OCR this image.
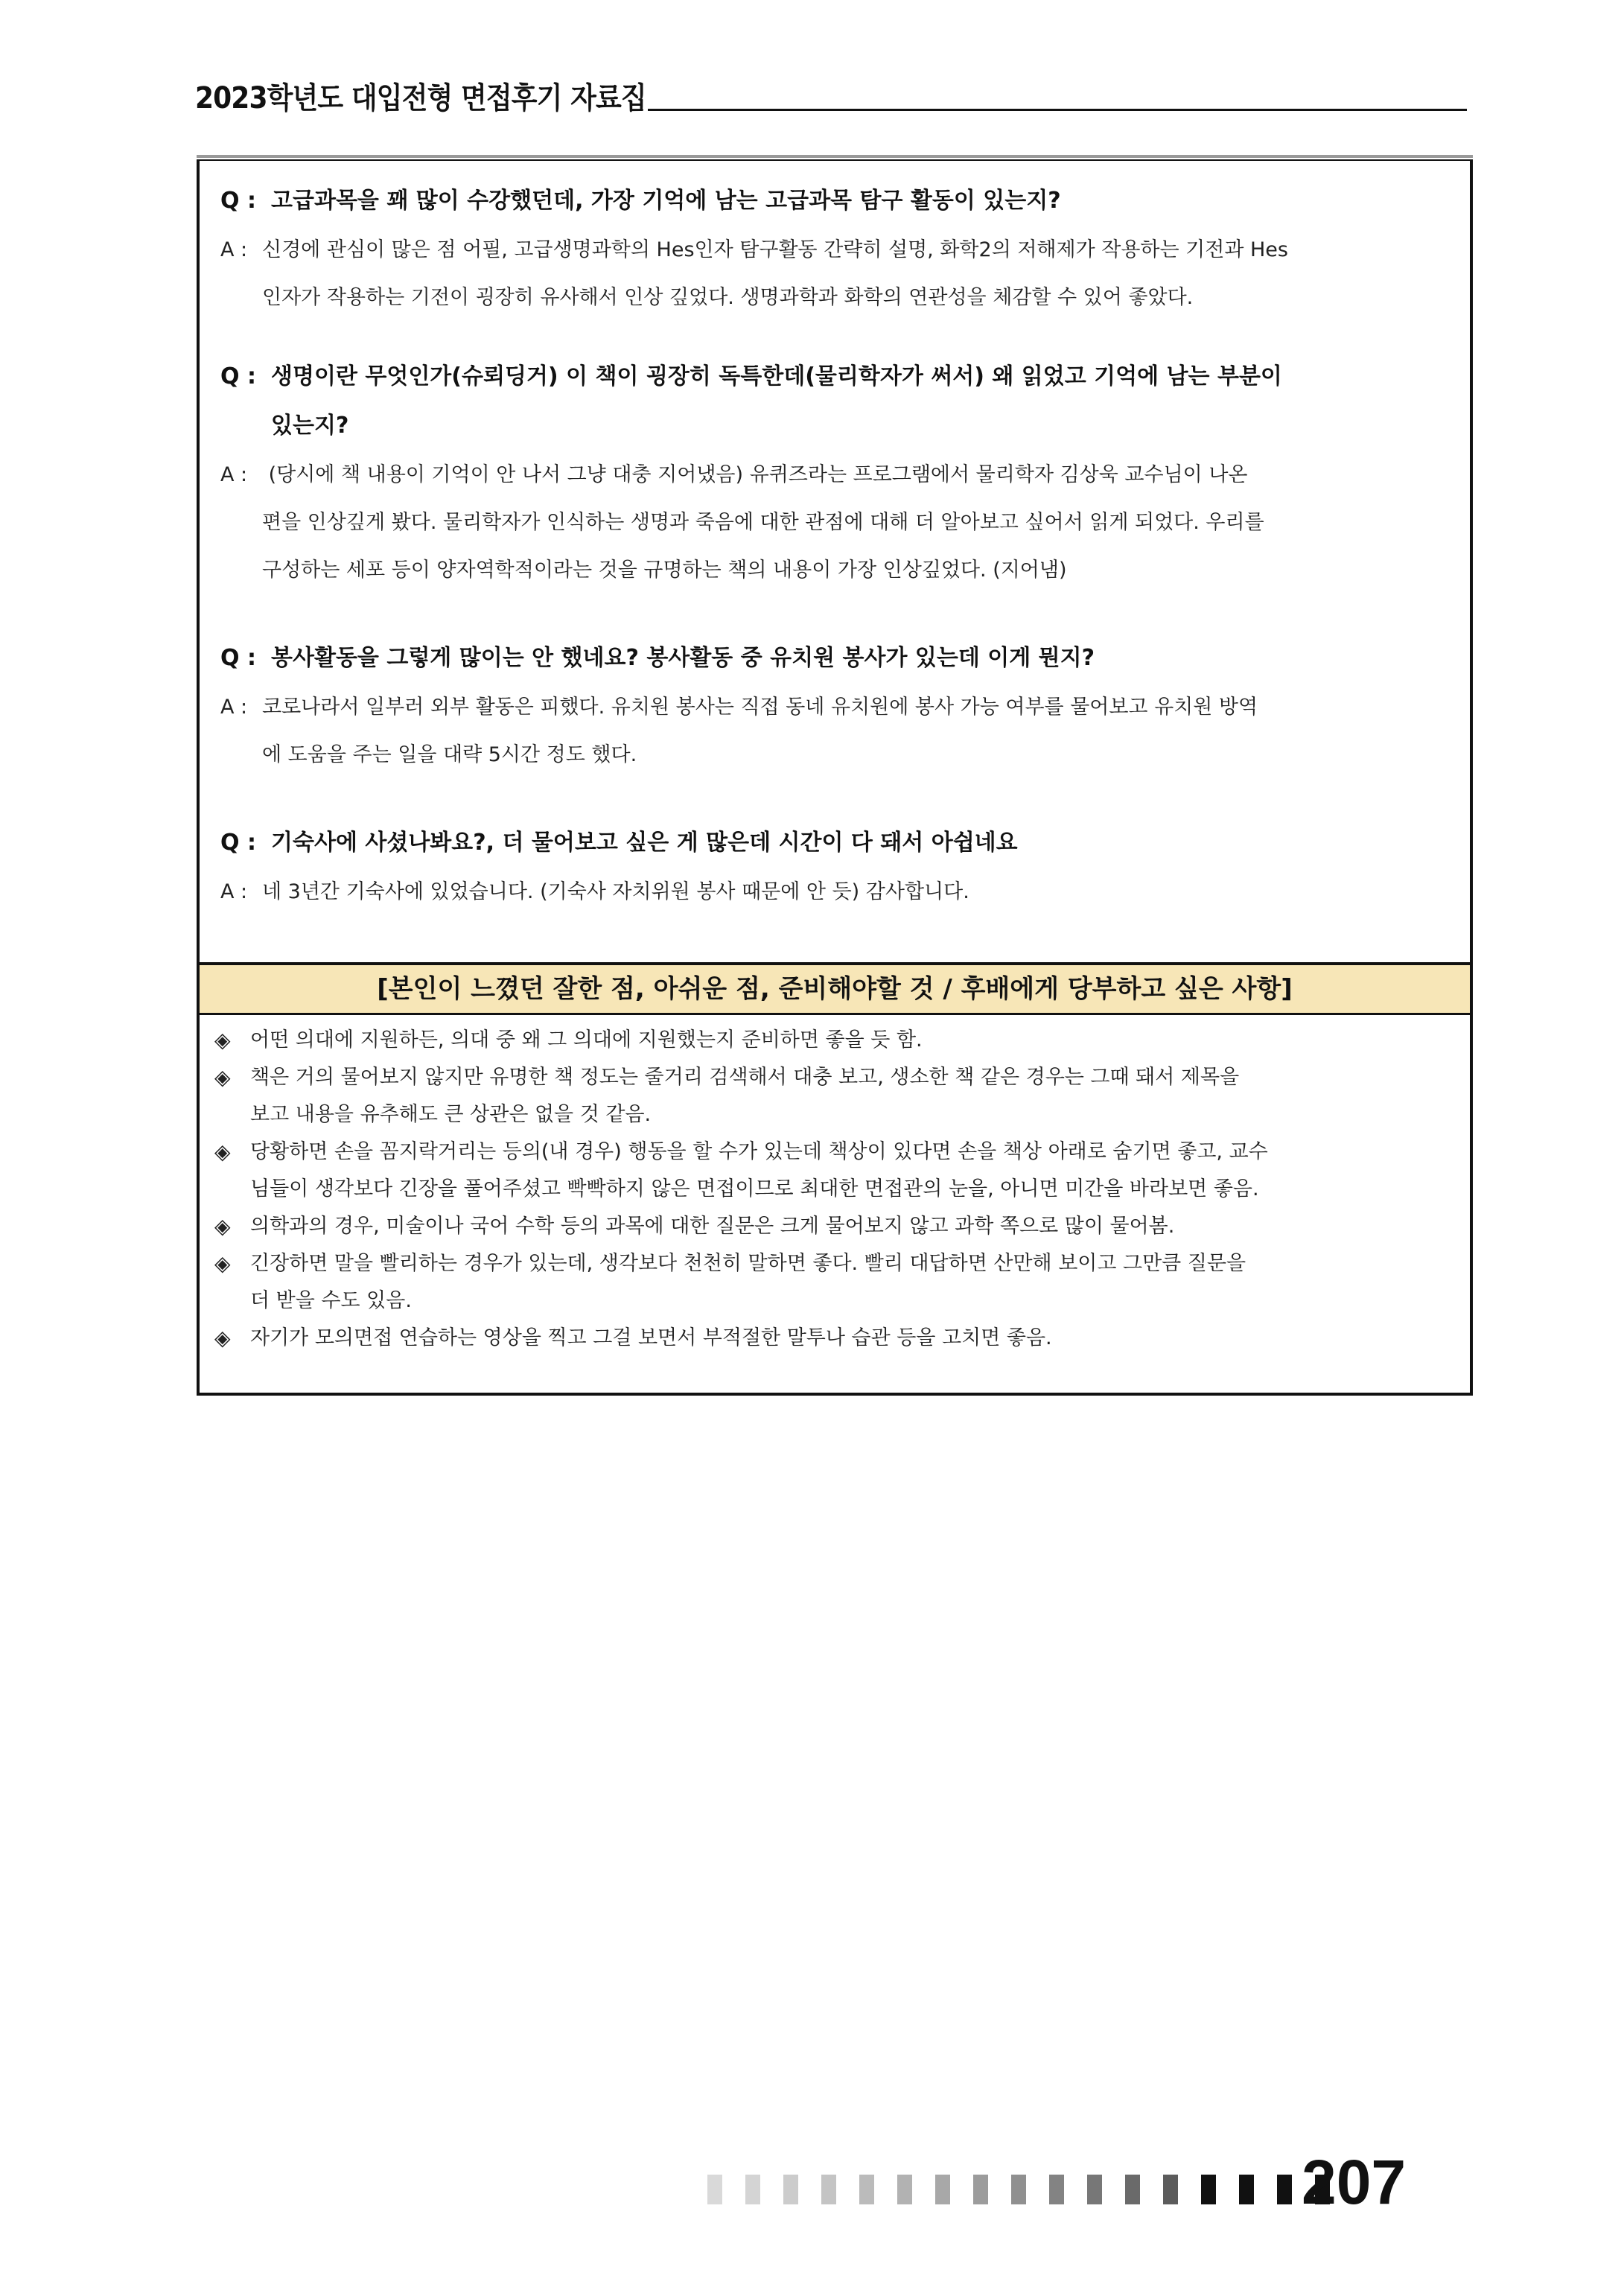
2023학년도 대입전형 면접후기 자료집
Q : 고급과목을 꽤 많이 수강했던데, 가장 기억에 남는 고급과목 탐구 활동이 있는지?
A : 신경에 관심이 많은 점 어필, 고급생명과학의 Hes인자 탐구활동 간략히 설명, 화학2의 저해제가 작용하는 기전과 Hes
인자가 작용하는 기전이 굉장히 유사해서 인상 깊었다. 생명과학과 화학의 연관성을 체감할 수 있어 좋았다.
Q : 생명이란 무엇인가(슈뢰딩거) 이 책이 굉장히 독특한데(물리학자가 써서) 왜 읽었고 기억에 남는 부분이
있는지?
A : (당시에 책 내용이 기억이 안 나서 그냥 대충 지어냈음) 유퀴즈라는 프로그램에서 물리학자 김상욱 교수님이 나온
편을 인상깊게 봤다. 물리학자가 인식하는 생명과 죽음에 대한 관점에 대해 더 알아보고 싶어서 읽게 되었다. 우리를
구성하는 세포 등이 양자역학적이라는 것을 규명하는 책의 내용이 가장 인상깊었다. (지어냄)
Q : 봉사활동을 그렇게 많이는 안 했네요? 봉사활동 중 유치원 봉사가 있는데 이게 뭔지?
A : 코로나라서 일부러 외부 활동은 피했다. 유치원 봉사는 직접 동네 유치원에 봉사 가능 여부를 물어보고 유치원 방역
에 도움을 주는 일을 대략 5시간 정도 했다.
Q : 기숙사에 사셨나봐요?, 더 물어보고 싶은 게 많은데 시간이 다 돼서 아쉽네요
A : 네 3년간 기숙사에 있었습니다. (기숙사 자치위원 봉사 때문에 안 듯) 감사합니다.
[본인이 느꼈던 잘한 점, 아쉬운 점, 준비해야할 것 / 후배에게 당부하고 싶은 사항]
◈ 어떤 의대에 지원하든, 의대 중 왜 그 의대에 지원했는지 준비하면 좋을 듯 함.
◈ 책은 거의 물어보지 않지만 유명한 책 정도는 줄거리 검색해서 대충 보고, 생소한 책 같은 경우는 그때 돼서 제목을
보고 내용을 유추해도 큰 상관은 없을 것 같음.
◈ 당황하면 손을 꼼지락거리는 등의(내 경우) 행동을 할 수가 있는데 책상이 있다면 손을 책상 아래로 숨기면 좋고, 교수
님들이 생각보다 긴장을 풀어주셨고 빡빡하지 않은 면접이므로 최대한 면접관의 눈을, 아니면 미간을 바라보면 좋음.
◈ 의학과의 경우, 미술이나 국어 수학 등의 과목에 대한 질문은 크게 물어보지 않고 과학 쪽으로 많이 물어봄.
◈ 긴장하면 말을 빨리하는 경우가 있는데, 생각보다 천천히 말하면 좋다. 빨리 대답하면 산만해 보이고 그만큼 질문을
더 받을 수도 있음.
◈ 자기가 모의면접 연습하는 영상을 찍고 그걸 보면서 부적절한 말투나 습관 등을 고치면 좋음.
207
